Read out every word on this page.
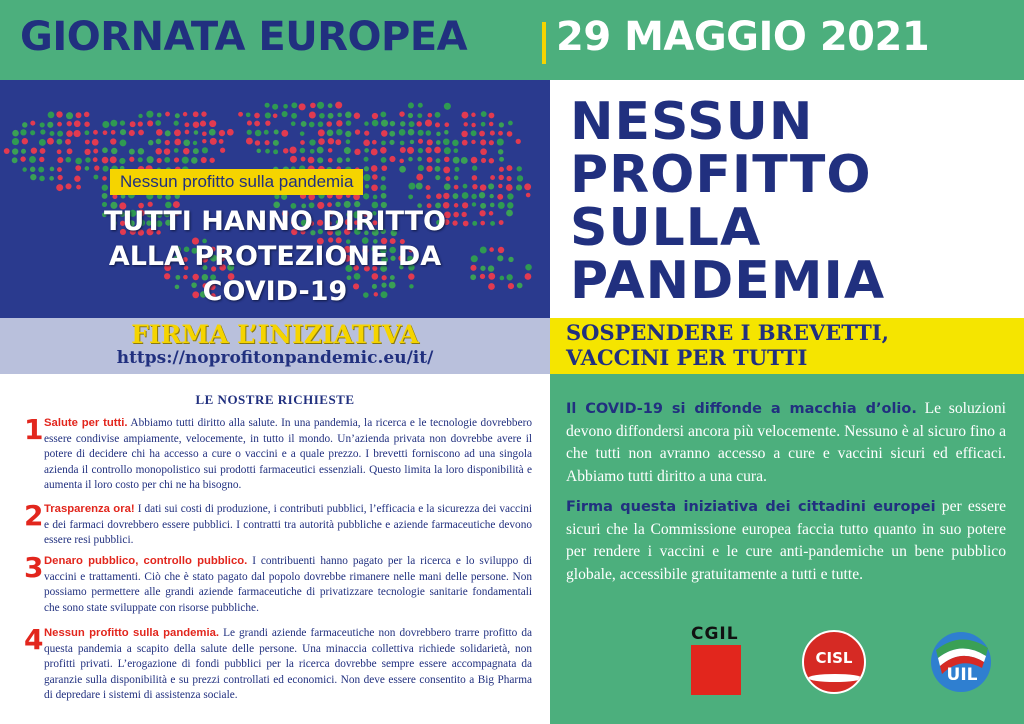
GIORNATA EUROPEA 29 MAGGIO 2021
Nessun profitto sulla pandemia
TUTTI HANNO DIRITTO
ALLA PROTEZIONE DA
COVID-19
FIRMA L’INIZIATIVA
https://noprofitonpandemic.eu/it/
LE NOSTRE RICHIESTE
1 Salute per tutti. Abbiamo tutti diritto alla salute. In una pandemia, la ricerca e le tecnologie dovrebbero essere condivise ampiamente, velocemente, in tutto il mondo. Un’azienda privata non dovrebbe avere il potere di decidere chi ha accesso a cure o vaccini e a quale prezzo. I brevetti forniscono ad una singola azienda il controllo monopolistico sui prodotti farmaceutici essenziali. Questo limita la loro disponibilità e aumenta il loro costo per chi ne ha bisogno.

2 Trasparenza ora! I dati sui costi di produzione, i contributi pubblici, l’efficacia e la sicurezza dei vaccini e dei farmaci dovrebbero essere pubblici. I contratti tra autorità pubbliche e aziende farmaceutiche devono essere resi pubblici.

3 Denaro pubblico, controllo pubblico. I contribuenti hanno pagato per la ricerca e lo sviluppo di vaccini e trattamenti. Ciò che è stato pagato dal popolo dovrebbe rimanere nelle mani delle persone. Non possiamo permettere alle grandi aziende farmaceutiche di privatizzare tecnologie sanitarie fondamentali che sono state sviluppate con risorse pubbliche.

4 Nessun profitto sulla pandemia. Le grandi aziende farmaceutiche non dovrebbero trarre profitto da questa pandemia a scapito della salute delle persone. Una minaccia collettiva richiede solidarietà, non profitti privati. L’erogazione di fondi pubblici per la ricerca dovrebbe sempre essere accompagnata da garanzie sulla disponibilità e su prezzi controllati ed economici. Non deve essere consentito a Big Pharma di depredare i sistemi di assistenza sociale.

NESSUN
PROFITTO
SULLA
PANDEMIA
SOSPENDERE I BREVETTI,
VACCINI PER TUTTI
Il COVID-19 si diffonde a macchia d’olio. Le soluzioni devono diffondersi ancora più velocemente. Nessuno è al sicuro fino a che tutti non avranno accesso a cure e vaccini sicuri ed efficaci. Abbiamo tutti diritto a una cura.
Firma questa iniziativa dei cittadini europei per essere sicuri che la Commissione europea faccia tutto quanto in suo potere per rendere i vaccini e le cure anti-pandemiche un bene pubblico globale, accessibile gratuitamente a tutti e tutte.
CGIL
CISL
UIL
